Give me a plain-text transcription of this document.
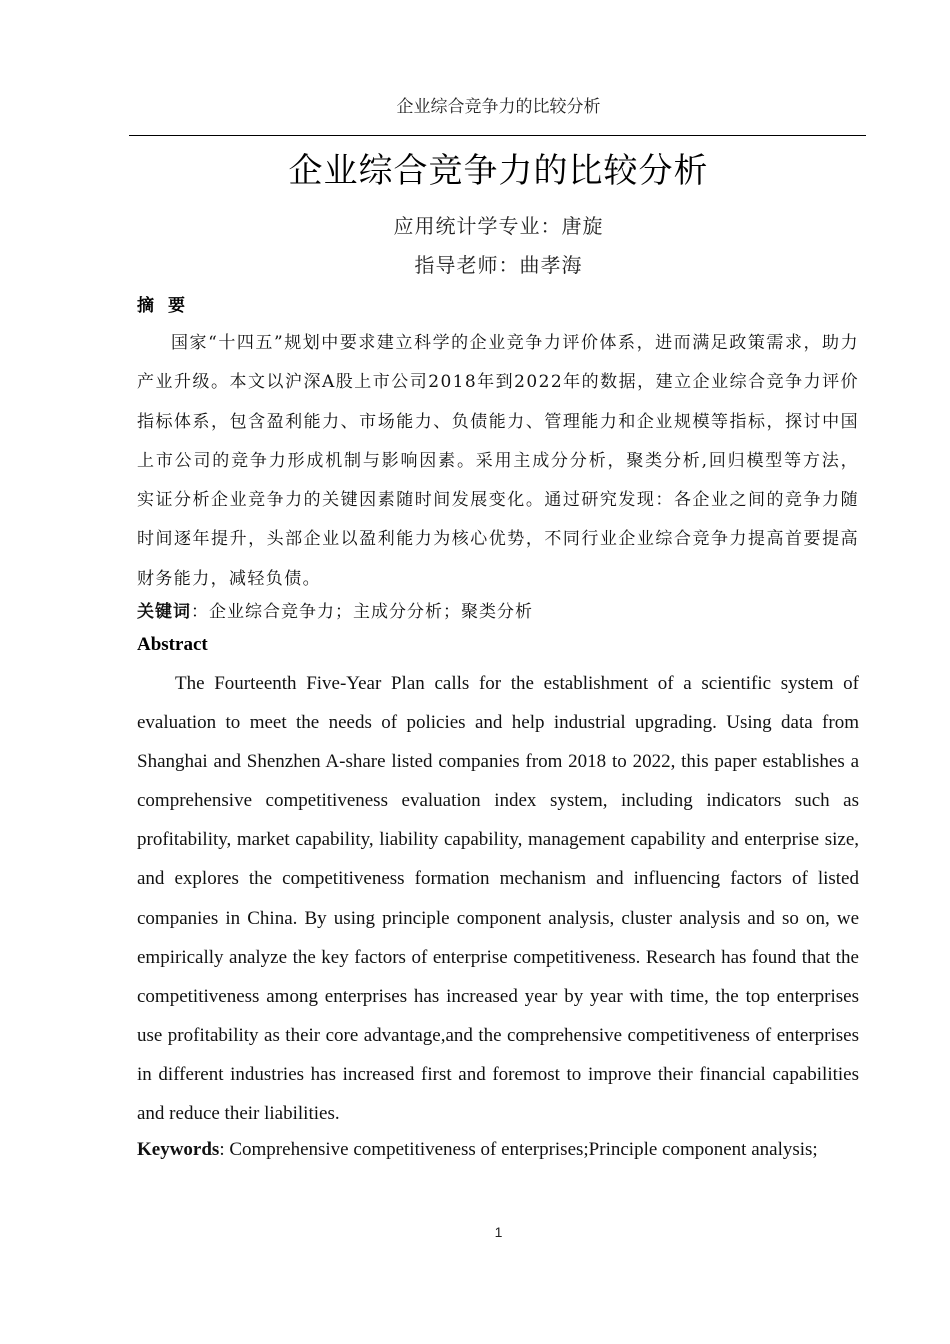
企业综合竞争力的比较分析
企业综合竞争力的比较分析
应用统计学专业：唐旋
指导老师：曲孝海
摘要

国家“十四五”规划中要求建立科学的企业竞争力评价体系，进而满足政策需求，助力产业升级。本文以沪深A股上市公司2018年到2022年的数据，建立企业综合竞争力评价指标体系，包含盈利能力、市场能力、负债能力、管理能力和企业规模等指标，探讨中国上市公司的竞争力形成机制与影响因素。采用主成分分析，聚类分析,回归模型等方法，实证分析企业竞争力的关键因素随时间发展变化。通过研究发现：各企业之间的竞争力随时间逐年提升，头部企业以盈利能力为核心优势，不同行业企业综合竞争力提高首要提高财务能力，减轻负债。

关键词：企业综合竞争力；主成分分析；聚类分析
Abstract

The Fourteenth Five-Year Plan calls for the establishment of a scientific system of evaluation to meet the needs of policies and help industrial upgrading. Using data from Shanghai and Shenzhen A-share listed companies from 2018 to 2022, this paper establishes a comprehensive competitiveness evaluation index system, including indicators such as profitability, market capability, liability capability, management capability and enterprise size, and explores the competitiveness formation mechanism and influencing factors of listed companies in China. By using principle component analysis, cluster analysis and so on, we empirically analyze the key factors of enterprise competitiveness. Research has found that the competitiveness among enterprises has increased year by year with time, the top enterprises use profitability as their core advantage,and the comprehensive competitiveness of enterprises in different industries has increased first and foremost to improve their financial capabilities and reduce their liabilities.

Keywords: Comprehensive competitiveness of enterprises;Principle component analysis;
1
